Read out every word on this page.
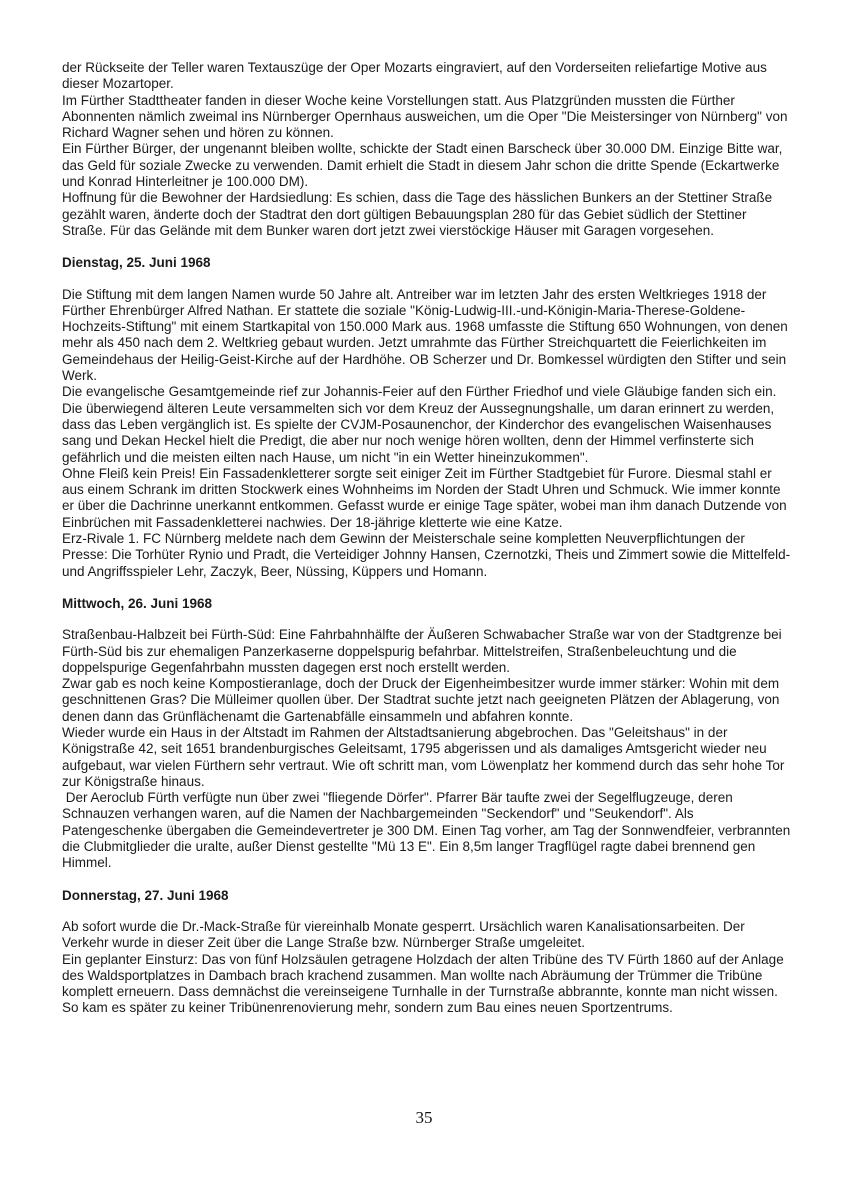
der Rückseite der Teller waren Textauszüge der Oper Mozarts eingraviert, auf den Vorderseiten reliefartige Motive aus dieser Mozartoper.

Im Fürther Stadttheater fanden in dieser Woche keine Vorstellungen statt. Aus Platzgründen mussten die Fürther Abonnenten nämlich zweimal ins Nürnberger Opernhaus ausweichen, um die Oper "Die Meistersinger von Nürnberg" von Richard Wagner sehen und hören zu können.

Ein Fürther Bürger, der ungenannt bleiben wollte, schickte der Stadt einen Barscheck über 30.000 DM. Einzige Bitte war, das Geld für soziale Zwecke zu verwenden. Damit erhielt die Stadt in diesem Jahr schon die dritte Spende (Eckartwerke und Konrad Hinterleitner je 100.000 DM).

Hoffnung für die Bewohner der Hardsiedlung: Es schien, dass die Tage des hässlichen Bunkers an der Stettiner Straße gezählt waren, änderte doch der Stadtrat den dort gültigen Bebauungsplan 280 für das Gebiet südlich der Stettiner Straße. Für das Gelände mit dem Bunker waren dort jetzt zwei vierstöckige Häuser mit Garagen vorgesehen.

Dienstag, 25. Juni 1968

Die Stiftung mit dem langen Namen wurde 50 Jahre alt. Antreiber war im letzten Jahr des ersten Weltkrieges 1918 der Fürther Ehrenbürger Alfred Nathan. Er stattete die soziale "König-Ludwig-III.-und-Königin-Maria-Therese-Goldene-Hochzeits-Stiftung" mit einem Startkapital von 150.000 Mark aus. 1968 umfasste die Stiftung 650 Wohnungen, von denen mehr als 450 nach dem 2. Weltkrieg gebaut wurden. Jetzt umrahmte das Fürther Streichquartett die Feierlichkeiten im Gemeindehaus der Heilig-Geist-Kirche auf der Hardhöhe. OB Scherzer und Dr. Bomkessel würdigten den Stifter und sein Werk.

Die evangelische Gesamtgemeinde rief zur Johannis-Feier auf den Fürther Friedhof und viele Gläubige fanden sich ein. Die überwiegend älteren Leute versammelten sich vor dem Kreuz der Aussegnungshalle, um daran erinnert zu werden, dass das Leben vergänglich ist. Es spielte der CVJM-Posaunenchor, der Kinderchor des evangelischen Waisenhauses sang und Dekan Heckel hielt die Predigt, die aber nur noch wenige hören wollten, denn der Himmel verfinsterte sich gefährlich und die meisten eilten nach Hause, um nicht "in ein Wetter hineinzukommen".

Ohne Fleiß kein Preis! Ein Fassadenkletterer sorgte seit einiger Zeit im Fürther Stadtgebiet für Furore. Diesmal stahl er aus einem Schrank im dritten Stockwerk eines Wohnheims im Norden der Stadt Uhren und Schmuck. Wie immer konnte er über die Dachrinne unerkannt entkommen. Gefasst wurde er einige Tage später, wobei man ihm danach Dutzende von Einbrüchen mit Fassadenkletterei nachwies. Der 18-jährige kletterte wie eine Katze.

Erz-Rivale 1. FC Nürnberg meldete nach dem Gewinn der Meisterschale seine kompletten Neuverpflichtungen der Presse: Die Torhüter Rynio und Pradt, die Verteidiger Johnny Hansen, Czernotzki, Theis und Zimmert sowie die Mittelfeld- und Angriffsspieler Lehr, Zaczyk, Beer, Nüssing, Küppers und Homann.

Mittwoch, 26. Juni 1968

Straßenbau-Halbzeit bei Fürth-Süd: Eine Fahrbahnhälfte der Äußeren Schwabacher Straße war von der Stadtgrenze bei Fürth-Süd bis zur ehemaligen Panzerkaserne doppelspurig befahrbar. Mittelstreifen, Straßenbeleuchtung und die doppelspurige Gegenfahrbahn mussten dagegen erst noch erstellt werden.

Zwar gab es noch keine Kompostieranlage, doch der Druck der Eigenheimbesitzer wurde immer stärker: Wohin mit dem geschnittenen Gras? Die Mülleimer quollen über. Der Stadtrat suchte jetzt nach geeigneten Plätzen der Ablagerung, von denen dann das Grünflächenamt die Gartenabfälle einsammeln und abfahren konnte.

Wieder wurde ein Haus in der Altstadt im Rahmen der Altstadtsanierung abgebrochen. Das "Geleitshaus" in der Königstraße 42, seit 1651 brandenburgisches Geleitsamt, 1795 abgerissen und als damaliges Amtsgericht wieder neu aufgebaut, war vielen Fürthern sehr vertraut. Wie oft schritt man, vom Löwenplatz her kommend durch das sehr hohe Tor zur Königstraße hinaus.

Der Aeroclub Fürth verfügte nun über zwei "fliegende Dörfer". Pfarrer Bär taufte zwei der Segelflugzeuge, deren Schnauzen verhangen waren, auf die Namen der Nachbargemeinden "Seckendorf" und "Seukendorf". Als Patengeschenke übergaben die Gemeindevertreter je 300 DM. Einen Tag vorher, am Tag der Sonnwendfeier, verbrannten die Clubmitglieder die uralte, außer Dienst gestellte "Mü 13 E". Ein 8,5m langer Tragflügel ragte dabei brennend gen Himmel.

Donnerstag, 27. Juni 1968

Ab sofort wurde die Dr.-Mack-Straße für viereinhalb Monate gesperrt. Ursächlich waren Kanalisationsarbeiten. Der Verkehr wurde in dieser Zeit über die Lange Straße bzw. Nürnberger Straße umgeleitet.

Ein geplanter Einsturz: Das von fünf Holzsäulen getragene Holzdach der alten Tribüne des TV Fürth 1860 auf der Anlage des Waldsportplatzes in Dambach brach krachend zusammen. Man wollte nach Abräumung der Trümmer die Tribüne komplett erneuern. Dass demnächst die vereinseigene Turnhalle in der Turnstraße abbrannte, konnte man nicht wissen. So kam es später zu keiner Tribünenrenovierung mehr, sondern zum Bau eines neuen Sportzentrums.

35
